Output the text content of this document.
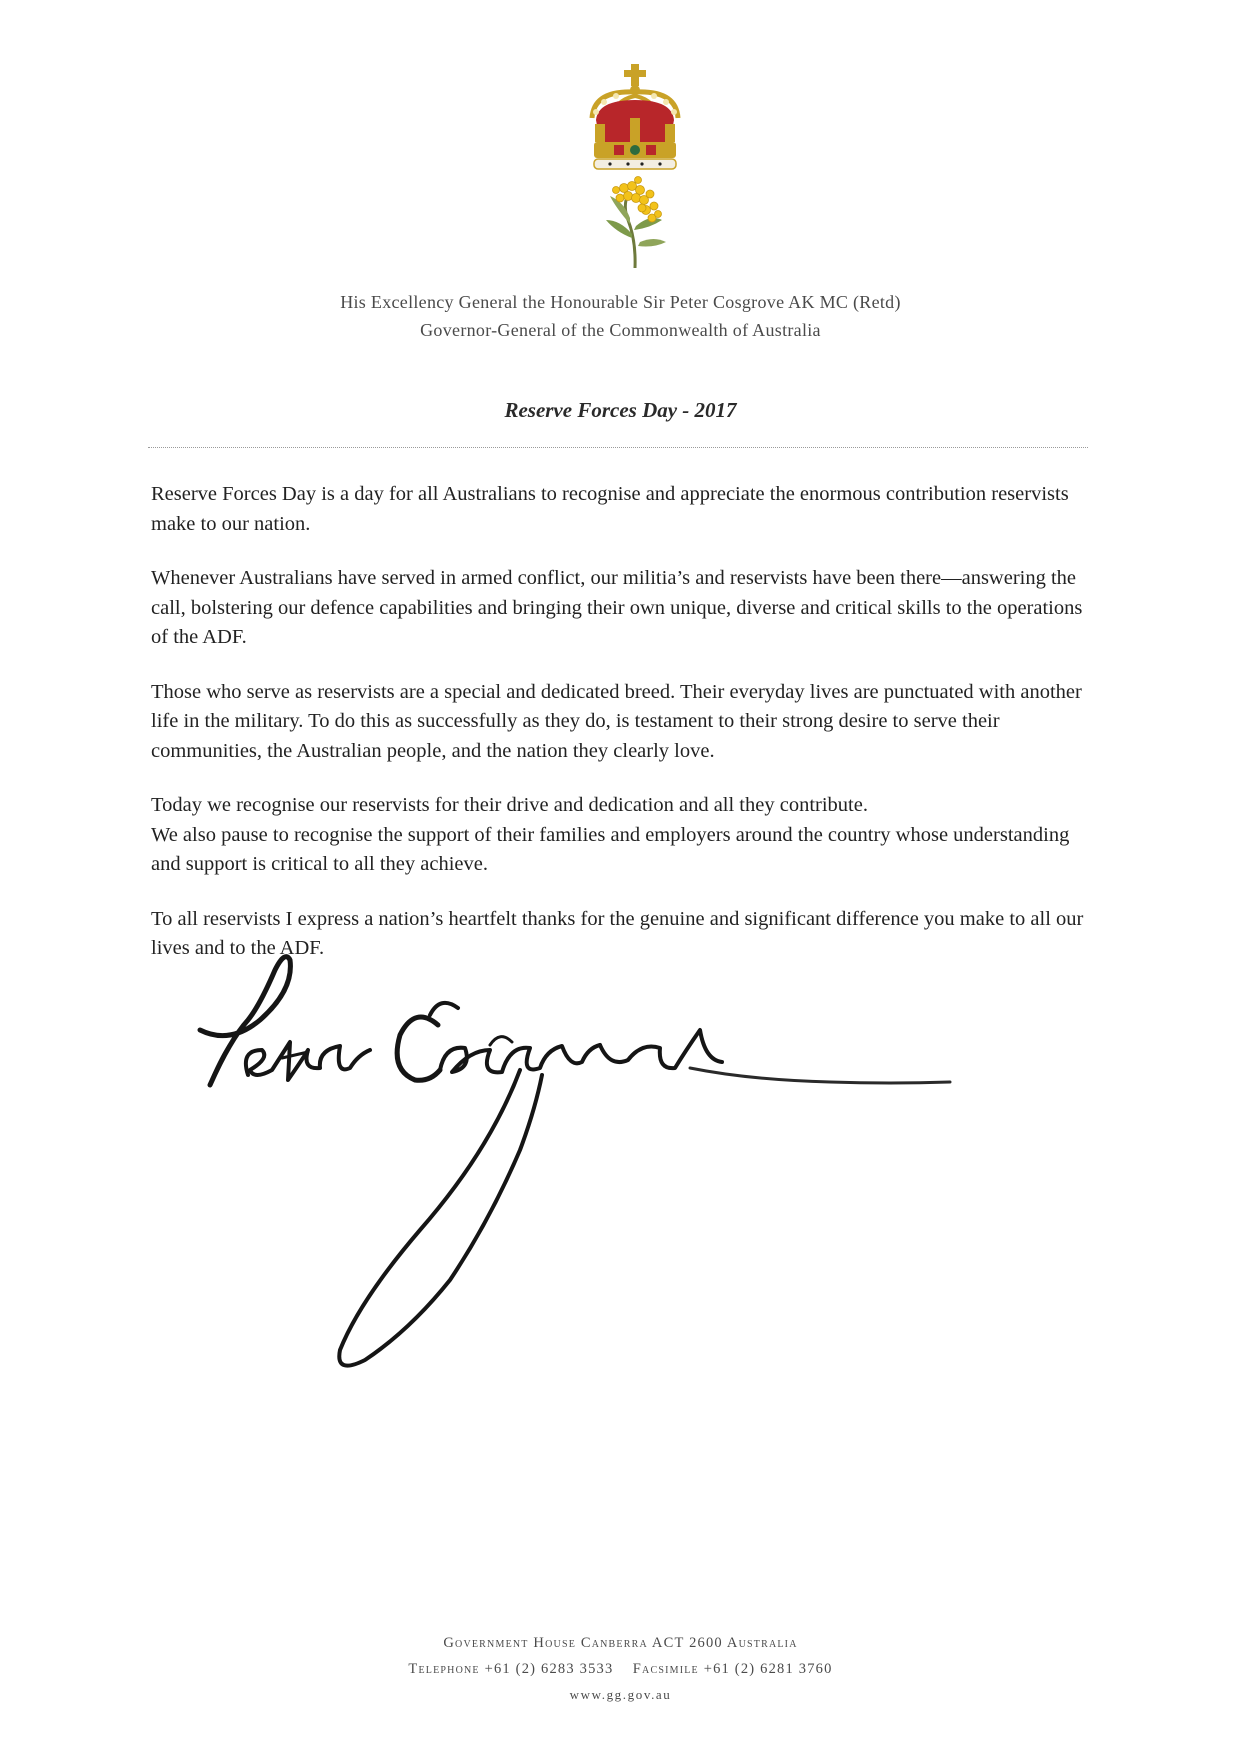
His Excellency General the Honourable Sir Peter Cosgrove AK MC (Retd)
Governor-General of the Commonwealth of Australia
Reserve Forces Day - 2017

Reserve Forces Day is a day for all Australians to recognise and appreciate the enormous contribution reservists make to our nation.

Whenever Australians have served in armed conflict, our militia’s and reservists have been there—answering the call, bolstering our defence capabilities and bringing their own unique, diverse and critical skills to the operations of the ADF.

Those who serve as reservists are a special and dedicated breed. Their everyday lives are punctuated with another life in the military. To do this as successfully as they do, is testament to their strong desire to serve their communities, the Australian people, and the nation they clearly love.

Today we recognise our reservists for their drive and dedication and all they contribute.

We also pause to recognise the support of their families and employers around the country whose understanding and support is critical to all they achieve.

To all reservists I express a nation’s heartfelt thanks for the genuine and significant difference you make to all our lives and to the ADF.

Government House Canberra ACT 2600 Australia
Telephone +61 (2) 6283 3533 Facsimile +61 (2) 6281 3760
www.gg.gov.au
